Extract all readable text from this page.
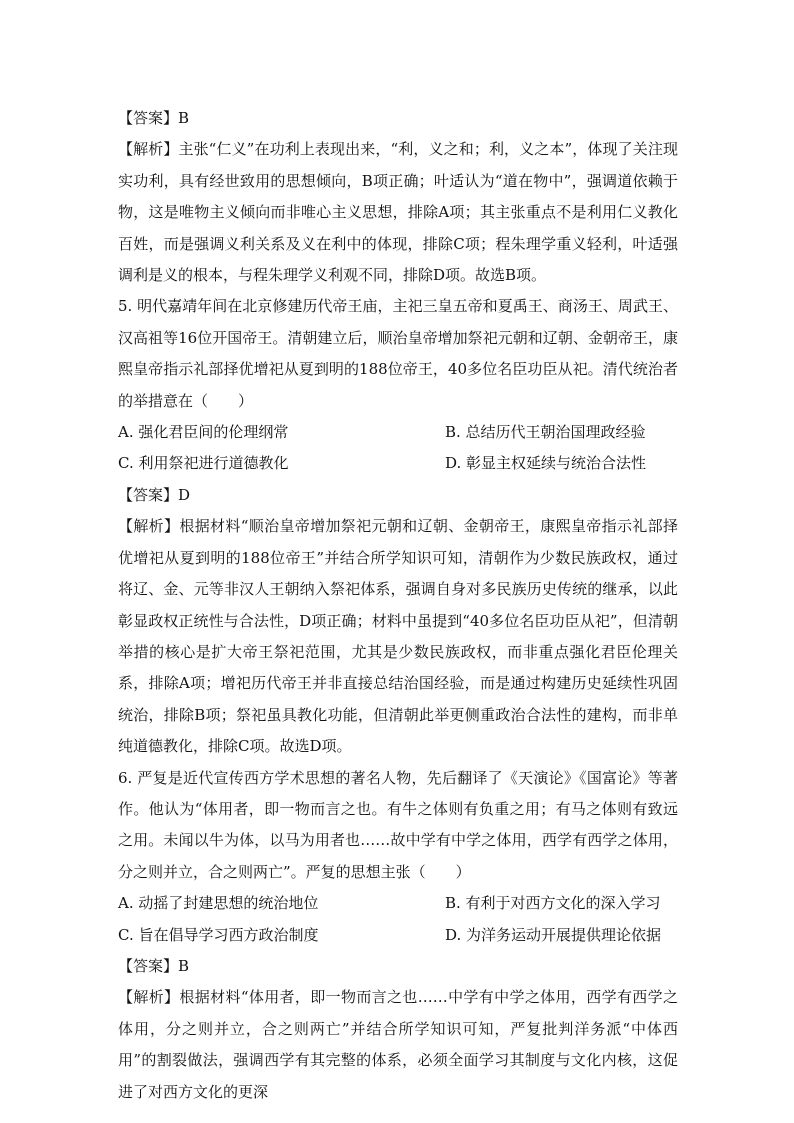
【答案】B

【解析】主张“仁义”在功利上表现出来，“利，义之和；利，义之本”，体现了关注现实功利，具有经世致用的思想倾向，B项正确；叶适认为“道在物中”，强调道依赖于物，这是唯物主义倾向而非唯心主义思想，排除A项；其主张重点不是利用仁义教化百姓，而是强调义利关系及义在利中的体现，排除C项；程朱理学重义轻利，叶适强调利是义的根本，与程朱理学义利观不同，排除D项。故选B项。

5. 明代嘉靖年间在北京修建历代帝王庙，主祀三皇五帝和夏禹王、商汤王、周武王、汉高祖等16位开国帝王。清朝建立后，顺治皇帝增加祭祀元朝和辽朝、金朝帝王，康熙皇帝指示礼部择优增祀从夏到明的188位帝王，40多位名臣功臣从祀。清代统治者的举措意在（　　）

A. 强化君臣间的伦理纲常	B. 总结历代王朝治国理政经验
C. 利用祭祀进行道德教化	D. 彰显主权延续与统治合法性

【答案】D

【解析】根据材料“顺治皇帝增加祭祀元朝和辽朝、金朝帝王，康熙皇帝指示礼部择优增祀从夏到明的188位帝王”并结合所学知识可知，清朝作为少数民族政权，通过将辽、金、元等非汉人王朝纳入祭祀体系，强调自身对多民族历史传统的继承，以此彰显政权正统性与合法性，D项正确；材料中虽提到“40多位名臣功臣从祀”，但清朝举措的核心是扩大帝王祭祀范围，尤其是少数民族政权，而非重点强化君臣伦理关系，排除A项；增祀历代帝王并非直接总结治国经验，而是通过构建历史延续性巩固统治，排除B项；祭祀虽具教化功能，但清朝此举更侧重政治合法性的建构，而非单纯道德教化，排除C项。故选D项。

6. 严复是近代宣传西方学术思想的著名人物，先后翻译了《天演论》《国富论》等著作。他认为“体用者，即一物而言之也。有牛之体则有负重之用；有马之体则有致远之用。未闻以牛为体，以马为用者也……故中学有中学之体用，西学有西学之体用，分之则并立，合之则两亡”。严复的思想主张（　　）

A. 动摇了封建思想的统治地位	B. 有利于对西方文化的深入学习
C. 旨在倡导学习西方政治制度	D. 为洋务运动开展提供理论依据

【答案】B

【解析】根据材料“体用者，即一物而言之也……中学有中学之体用，西学有西学之体用，分之则并立，合之则两亡”并结合所学知识可知，严复批判洋务派“中体西用”的割裂做法，强调西学有其完整的体系，必须全面学习其制度与文化内核，这促进了对西方文化的更深
